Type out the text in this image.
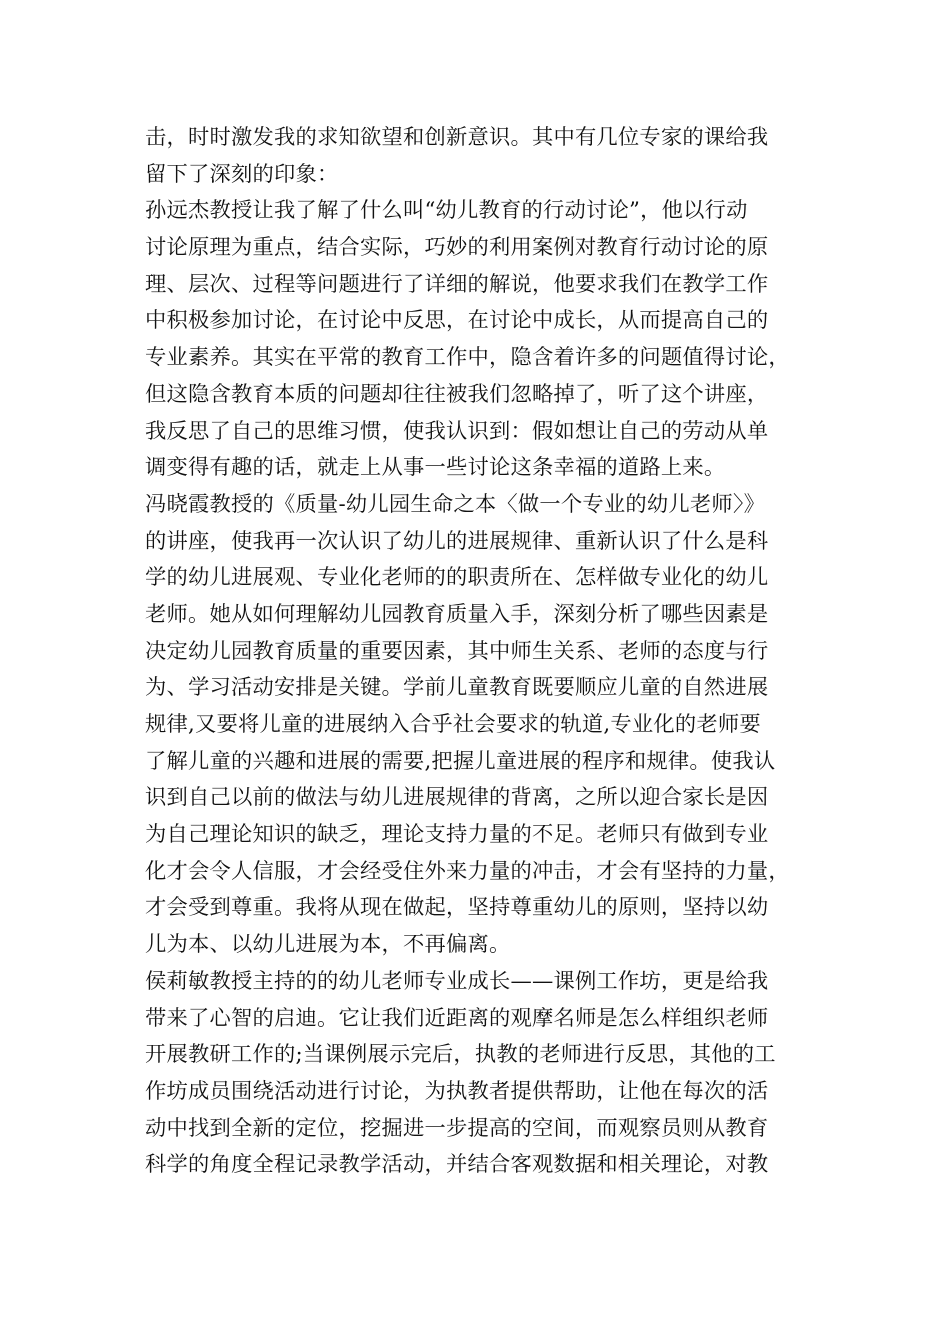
击，时时激发我的求知欲望和创新意识。其中有几位专家的课给我
留下了深刻的印象：
孙远杰教授让我了解了什么叫“幼儿教育的行动讨论”，他以行动
讨论原理为重点，结合实际，巧妙的利用案例对教育行动讨论的原
理、层次、过程等问题进行了详细的解说，他要求我们在教学工作
中积极参加讨论，在讨论中反思，在讨论中成长，从而提高自己的
专业素养。其实在平常的教育工作中，隐含着许多的问题值得讨论，
但这隐含教育本质的问题却往往被我们忽略掉了，听了这个讲座，
我反思了自己的思维习惯，使我认识到：假如想让自己的劳动从单
调变得有趣的话，就走上从事一些讨论这条幸福的道路上来。
冯晓霞教授的《质量-幼儿园生命之本〈做一个专业的幼儿老师〉》
的讲座，使我再一次认识了幼儿的进展规律、重新认识了什么是科
学的幼儿进展观、专业化老师的的职责所在、怎样做专业化的幼儿
老师。她从如何理解幼儿园教育质量入手，深刻分析了哪些因素是
决定幼儿园教育质量的重要因素，其中师生关系、老师的态度与行
为、学习活动安排是关键。学前儿童教育既要顺应儿童的自然进展
规律,又要将儿童的进展纳入合乎社会要求的轨道,专业化的老师要
了解儿童的兴趣和进展的需要,把握儿童进展的程序和规律。使我认
识到自己以前的做法与幼儿进展规律的背离，之所以迎合家长是因
为自己理论知识的缺乏，理论支持力量的不足。老师只有做到专业
化才会令人信服，才会经受住外来力量的冲击，才会有坚持的力量，
才会受到尊重。我将从现在做起，坚持尊重幼儿的原则，坚持以幼
儿为本、以幼儿进展为本，不再偏离。
侯莉敏教授主持的的幼儿老师专业成长——课例工作坊，更是给我
带来了心智的启迪。它让我们近距离的观摩名师是怎么样组织老师
开展教研工作的;当课例展示完后，执教的老师进行反思，其他的工
作坊成员围绕活动进行讨论，为执教者提供帮助，让他在每次的活
动中找到全新的定位，挖掘进一步提高的空间，而观察员则从教育
科学的角度全程记录教学活动，并结合客观数据和相关理论，对教
